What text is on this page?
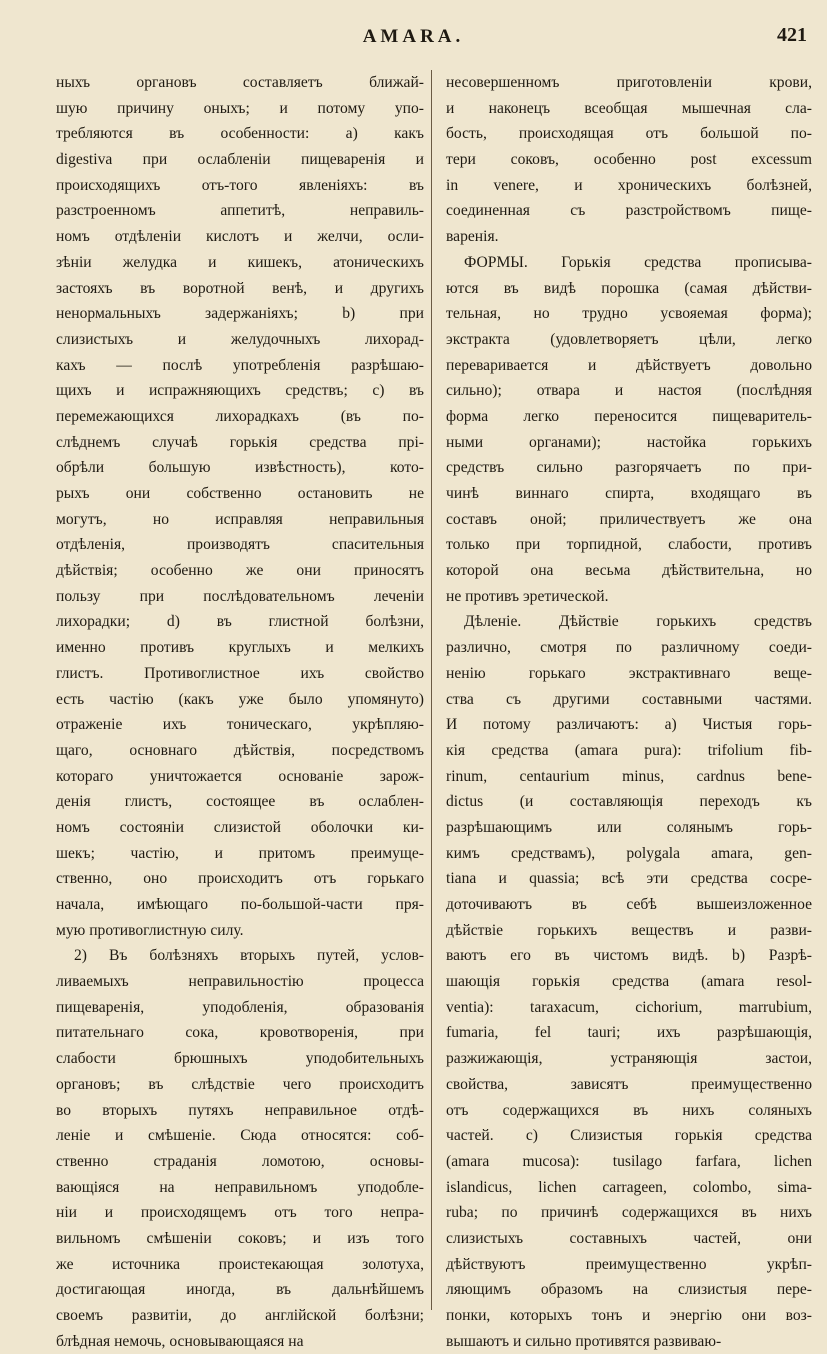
АМАRА.	421
ныхъ органовъ составляетъ ближай-
шую причину оныхъ; и потому упо-
требляются въ особенности: a) какъ
digestiva при ослабленіи пищеваренія и
происходящихъ отъ-того явленіяхъ: въ
разстроенномъ аппетитѣ, неправиль-
номъ отдѣленіи кислотъ и желчи, осли-
зѣніи желудка и кишекъ, атоническихъ
застояхъ въ воротной венѣ, и другихъ
ненормальныхъ задержаніяхъ; b) при
слизистыхъ и желудочныхъ лихорад-
кахъ — послѣ употребленія разрѣшаю-
щихъ и испражняющихъ средствъ; c) въ
перемежающихся лихорадкахъ (въ по-
слѣднемъ случаѣ горькія средства прі-
обрѣли большую извѣстность), кото-
рыхъ они собственно остановить не
могутъ, но исправляя неправильныя
отдѣленія, производятъ спасительныя
дѣйствія; особенно же они приносятъ
пользу при послѣдовательномъ леченіи
лихорадки; d) въ глистной болѣзни,
именно противъ круглыхъ и мелкихъ
глистъ. Противоглистное ихъ свойство
есть частію (какъ уже было упомянуто)
отраженіе ихъ тоническаго, укрѣпляю-
щаго, основнаго дѣйствія, посредствомъ
котораго уничтожается основаніе зарож-
денія глистъ, состоящее въ ослаблен-
номъ состояніи слизистой оболочки ки-
шекъ; частію, и притомъ преимуще-
ственно, оно происходитъ отъ горькаго
начала, имѣющаго по-большой-части пря-
мую противоглистную силу.
2) Въ болѣзняхъ вторыхъ путей, услов-
ливаемыхъ неправильностію процесса
пищеваренія, уподобленія, образованія
питательнаго сока, кровотворенія, при
слабости брюшныхъ уподобительныхъ
органовъ; въ слѣдствіе чего происходитъ
во вторыхъ путяхъ неправильное отдѣ-
леніе и смѣшеніе. Сюда относятся: соб-
ственно страданія ломотою, основы-
вающіяся на неправильномъ уподобле-
ніи и происходящемъ отъ того непра-
вильномъ смѣшеніи соковъ; и изъ того
же источника проистекающая золотуха,
достигающая иногда, въ дальнѣйшемъ
своемъ развитіи, до англійской болѣзни;
блѣдная немочь, основывающаяся на
несовершенномъ приготовленіи крови,
и наконецъ всеобщая мышечная сла-
бость, происходящая отъ большой по-
тери соковъ, особенно post excessum
in venere, и хроническихъ болѣзней,
соединенная съ разстройствомъ пище-
варенія.
ФОРМЫ. Горькія средства прописыва-
ются въ видѣ порошка (самая дѣйстви-
тельная, но трудно усвояемая форма);
экстракта (удовлетворяетъ цѣли, легко
переваривается и дѣйствуетъ довольно
сильно); отвара и настоя (послѣдняя
форма легко переносится пищеваритель-
ными органами); настойка горькихъ
средствъ сильно разгорячаетъ по при-
чинѣ виннаго спирта, входящаго въ
составъ оной; приличествуетъ же она
только при торпидной, слабости, противъ
которой она весьма дѣйствительна, но
не противъ эретической.
Дѣленіе. Дѣйствіе горькихъ средствъ
различно, смотря по различному соеди-
ненію горькаго экстрактивнаго веще-
ства съ другими составными частями.
И потому различаютъ: a) Чистыя горь-
кія средства (amara pura): trifolium fib-
rinum, centaurium minus, cardnus bene-
dictus (и составляющія переходъ къ
разрѣшающимъ или солянымъ горь-
кимъ средствамъ), polygala amara, gen-
tiana и quassia; всѣ эти средства сосре-
доточиваютъ въ себѣ вышеизложенное
дѣйствіе горькихъ веществъ и разви-
ваютъ его въ чистомъ видѣ. b) Разрѣ-
шающія горькія средства (amara resol-
ventia): taraxacum, cichorium, marrubium,
fumaria, fel tauri; ихъ разрѣшающія,
разжижающія, устраняющія застои,
свойства, зависятъ преимущественно
отъ содержащихся въ нихъ соляныхъ
частей. c) Слизистыя горькія средства
(amara mucosa): tusilago farfara, lichen
islandicus, lichen carrageen, colombo, sima-
ruba; по причинѣ содержащихся въ нихъ
слизистыхъ составныхъ частей, они
дѣйствуютъ преимущественно укрѣп-
ляющимъ образомъ на слизистыя пере-
понки, которыхъ тонъ и энергію они воз-
вышаютъ и сильно противятся развиваю-
